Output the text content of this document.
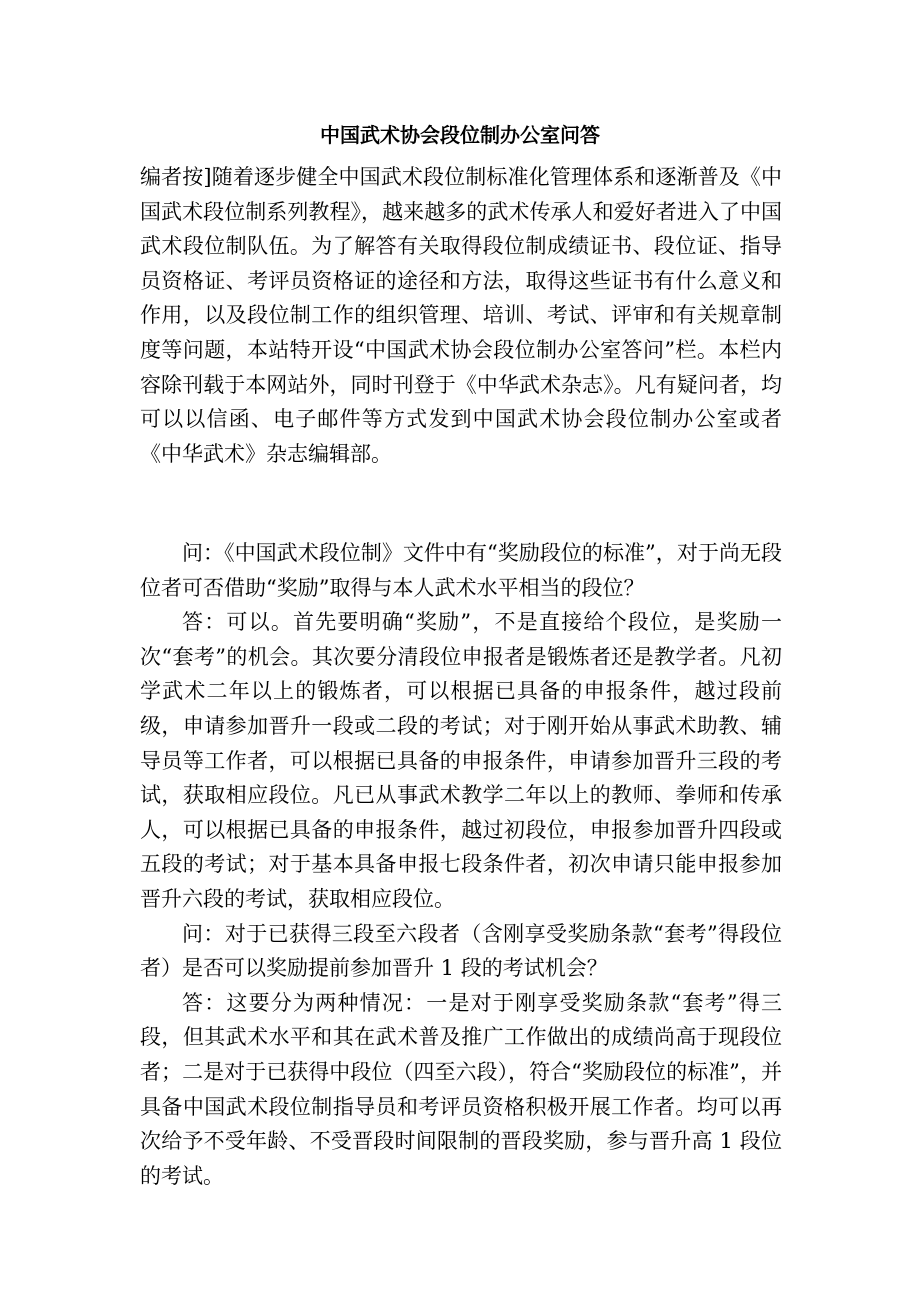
中国武术协会段位制办公室问答

编者按]随着逐步健全中国武术段位制标准化管理体系和逐渐普及《中国武术段位制系列教程》，越来越多的武术传承人和爱好者进入了中国武术段位制队伍。为了解答有关取得段位制成绩证书、段位证、指导员资格证、考评员资格证的途径和方法，取得这些证书有什么意义和作用，以及段位制工作的组织管理、培训、考试、评审和有关规章制度等问题，本站特开设“中国武术协会段位制办公室答问”栏。本栏内容除刊载于本网站外，同时刊登于《中华武术杂志》。凡有疑问者，均可以以信函、电子邮件等方式发到中国武术协会段位制办公室或者《中华武术》杂志编辑部。

问：《中国武术段位制》文件中有“奖励段位的标准”，对于尚无段位者可否借助“奖励”取得与本人武术水平相当的段位？

答：可以。首先要明确“奖励”，不是直接给个段位，是奖励一次“套考”的机会。其次要分清段位申报者是锻炼者还是教学者。凡初学武术二年以上的锻炼者，可以根据已具备的申报条件，越过段前级，申请参加晋升一段或二段的考试；对于刚开始从事武术助教、辅导员等工作者，可以根据已具备的申报条件，申请参加晋升三段的考试，获取相应段位。凡已从事武术教学二年以上的教师、拳师和传承人，可以根据已具备的申报条件，越过初段位，申报参加晋升四段或五段的考试；对于基本具备申报七段条件者，初次申请只能申报参加晋升六段的考试，获取相应段位。

问：对于已获得三段至六段者（含刚享受奖励条款“套考”得段位者）是否可以奖励提前参加晋升 1 段的考试机会？

答：这要分为两种情况：一是对于刚享受奖励条款“套考”得三段，但其武术水平和其在武术普及推广工作做出的成绩尚高于现段位者；二是对于已获得中段位（四至六段），符合“奖励段位的标准”，并具备中国武术段位制指导员和考评员资格积极开展工作者。均可以再次给予不受年龄、不受晋段时间限制的晋段奖励，参与晋升高 1 段位的考试。
